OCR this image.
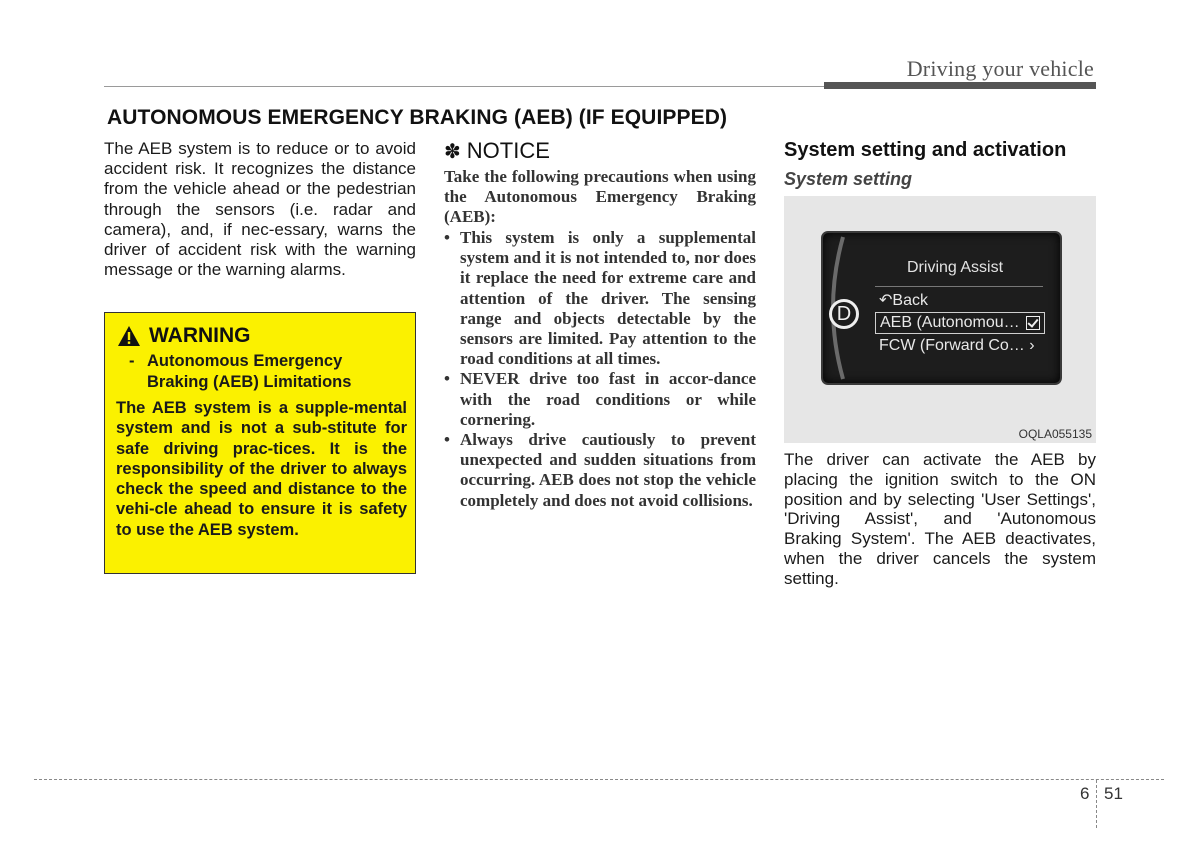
Driving your vehicle
AUTONOMOUS EMERGENCY BRAKING (AEB) (IF EQUIPPED)
The AEB system is to reduce or to avoid accident risk. It recognizes the distance from the vehicle ahead or the pedestrian through the sensors (i.e. radar and camera), and, if nec-essary, warns the driver of accident risk with the warning message or the warning alarms.
WARNING
- Autonomous Emergency Braking (AEB) Limitations
The AEB system is a supple-mental system and is not a sub-stitute for safe driving prac-tices. It is the responsibility of the driver to always check the speed and distance to the vehi-cle ahead to ensure it is safety to use the AEB system.
✽ NOTICE
Take the following precautions when using the Autonomous Emergency Braking (AEB):
• This system is only a supplemental system and it is not intended to, nor does it replace the need for extreme care and attention of the driver. The sensing range and objects detectable by the sensors are limited. Pay attention to the road conditions at all times.
• NEVER drive too fast in accor-dance with the road conditions or while cornering.
• Always drive cautiously to prevent unexpected and sudden situations from occurring. AEB does not stop the vehicle completely and does not avoid collisions.
System setting and activation
System setting
D
Driving Assist
↶Back
AEB (Autonomou…
FCW (Forward Co… ›
OQLA055135
The driver can activate the AEB by placing the ignition switch to the ON position and by selecting 'User Settings', 'Driving Assist', and 'Autonomous Braking System'. The AEB deactivates, when the driver cancels the system setting.
6 51
